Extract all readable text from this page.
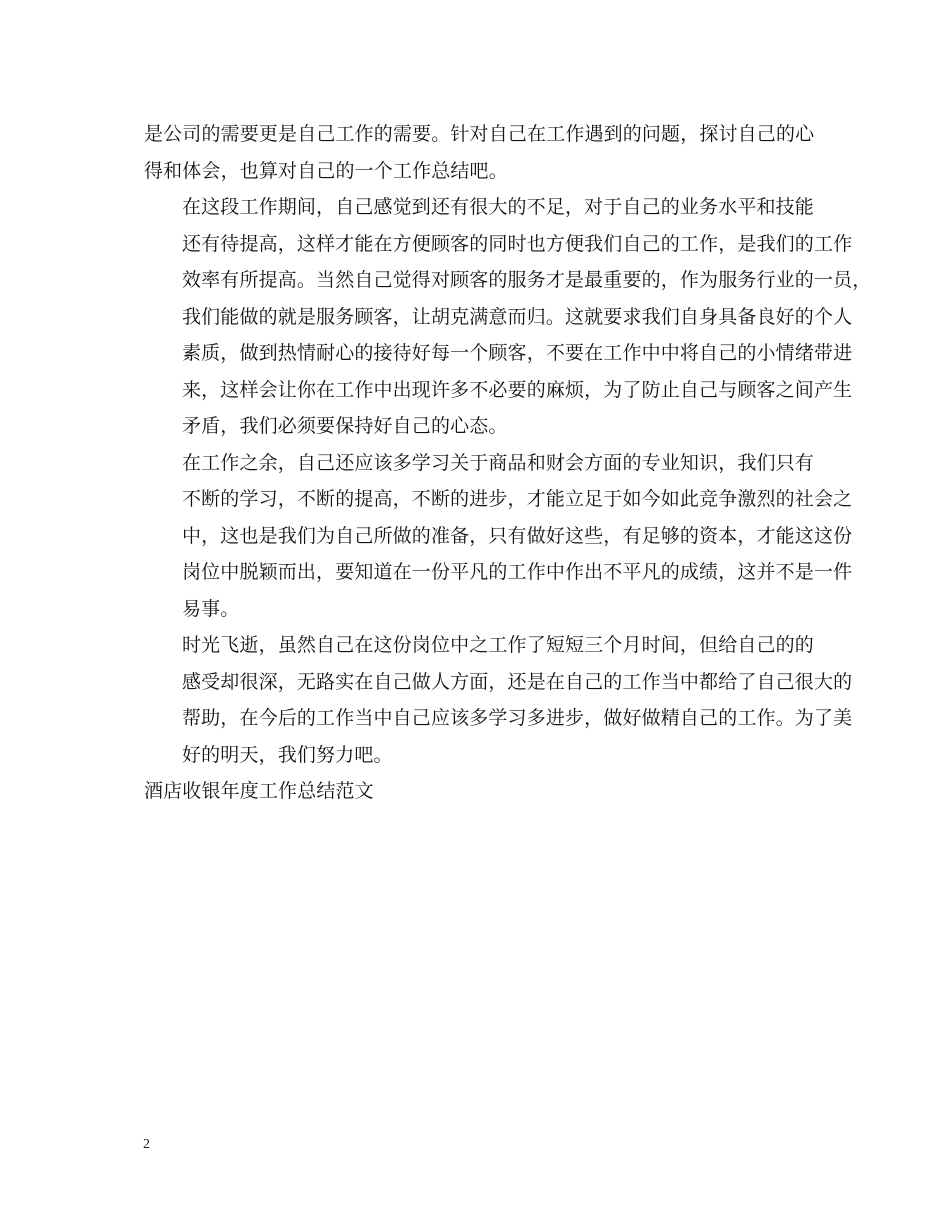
是公司的需要更是自己工作的需要。针对自己在工作遇到的问题，探讨自己的心
得和体会，也算对自己的一个工作总结吧。

在这段工作期间，自己感觉到还有很大的不足，对于自己的业务水平和技能
还有待提高，这样才能在方便顾客的同时也方便我们自己的工作，是我们的工作
效率有所提高。当然自己觉得对顾客的服务才是最重要的，作为服务行业的一员，
我们能做的就是服务顾客，让胡克满意而归。这就要求我们自身具备良好的个人
素质，做到热情耐心的接待好每一个顾客，不要在工作中中将自己的小情绪带进
来，这样会让你在工作中出现许多不必要的麻烦，为了防止自己与顾客之间产生
矛盾，我们必须要保持好自己的心态。

在工作之余，自己还应该多学习关于商品和财会方面的专业知识，我们只有
不断的学习，不断的提高，不断的进步，才能立足于如今如此竞争激烈的社会之
中，这也是我们为自己所做的准备，只有做好这些，有足够的资本，才能这这份
岗位中脱颖而出，要知道在一份平凡的工作中作出不平凡的成绩，这并不是一件
易事。

时光飞逝，虽然自己在这份岗位中之工作了短短三个月时间，但给自己的的
感受却很深，无路实在自己做人方面，还是在自己的工作当中都给了自己很大的
帮助，在今后的工作当中自己应该多学习多进步，做好做精自己的工作。为了美
好的明天，我们努力吧。

酒店收银年度工作总结范文

2
